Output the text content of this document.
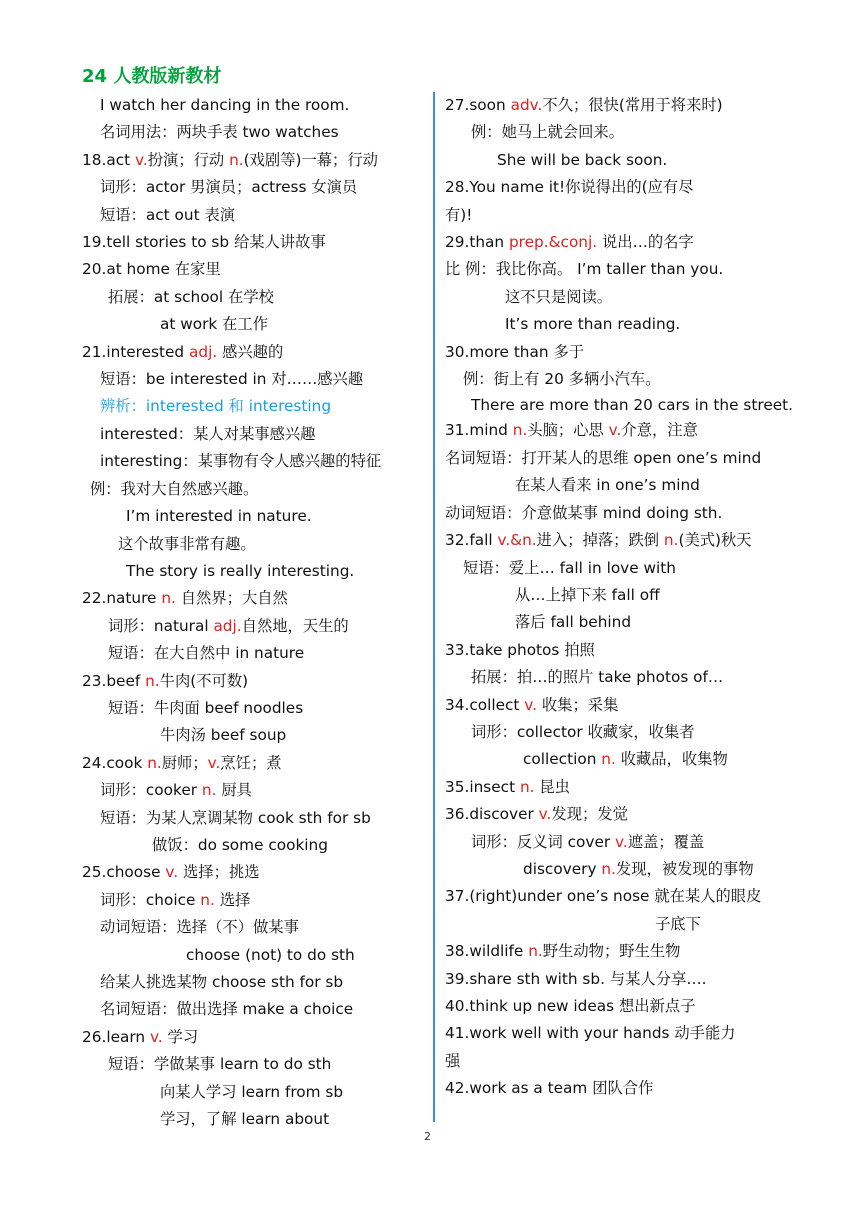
24 人教版新教材
I watch her dancing in the room.
名词用法：两块手表 two watches
18.act v.扮演；行动 n.(戏剧等)一幕；行动
词形：actor 男演员；actress 女演员
短语：act out 表演
19.tell stories to sb 给某人讲故事
20.at home 在家里
拓展：at school 在学校
at work 在工作
21.interested adj. 感兴趣的
短语：be interested in 对……感兴趣
辨析：interested 和 interesting
interested：某人对某事感兴趣
interesting：某事物有令人感兴趣的特征
例：我对大自然感兴趣。
I’m interested in nature.
这个故事非常有趣。
The story is really interesting.
22.nature n. 自然界；大自然
词形：natural adj.自然地，天生的
短语：在大自然中 in nature
23.beef n.牛肉(不可数)
短语：牛肉面 beef noodles
牛肉汤 beef soup
24.cook n.厨师；v.烹饪；煮
词形：cooker n. 厨具
短语：为某人烹调某物 cook sth for sb
做饭：do some cooking
25.choose v. 选择；挑选
词形：choice n. 选择
动词短语：选择（不）做某事
choose (not) to do sth
给某人挑选某物 choose sth for sb
名词短语：做出选择 make a choice
26.learn v. 学习
短语：学做某事 learn to do sth
向某人学习 learn from sb
学习，了解 learn about
27.soon adv.不久；很快(常用于将来时)
例：她马上就会回来。
She will be back soon.
28.You name it!你说得出的(应有尽
有)!
29.than prep.&conj. 说出…的名字
比 例：我比你高。 I’m taller than you.
这不只是阅读。
It’s more than reading.
30.more than 多于
例：街上有 20 多辆小汽车。
There are more than 20 cars in the street.
31.mind n.头脑；心思 v.介意，注意
名词短语：打开某人的思维 open one’s mind
在某人看来 in one’s mind
动词短语：介意做某事 mind doing sth.
32.fall v.&n.进入；掉落；跌倒 n.(美式)秋天
短语：爱上… fall in love with
从…上掉下来 fall off
落后 fall behind
33.take photos 拍照
拓展：拍…的照片 take photos of…
34.collect v. 收集；采集
词形：collector 收藏家，收集者
collection n. 收藏品，收集物
35.insect n. 昆虫
36.discover v.发现；发觉
词形：反义词 cover v.遮盖；覆盖
discovery n.发现，被发现的事物
37.(right)under one’s nose 就在某人的眼皮
子底下
38.wildlife n.野生动物；野生生物
39.share sth with sb. 与某人分享….
40.think up new ideas 想出新点子
41.work well with your hands 动手能力
强
42.work as a team 团队合作
2
